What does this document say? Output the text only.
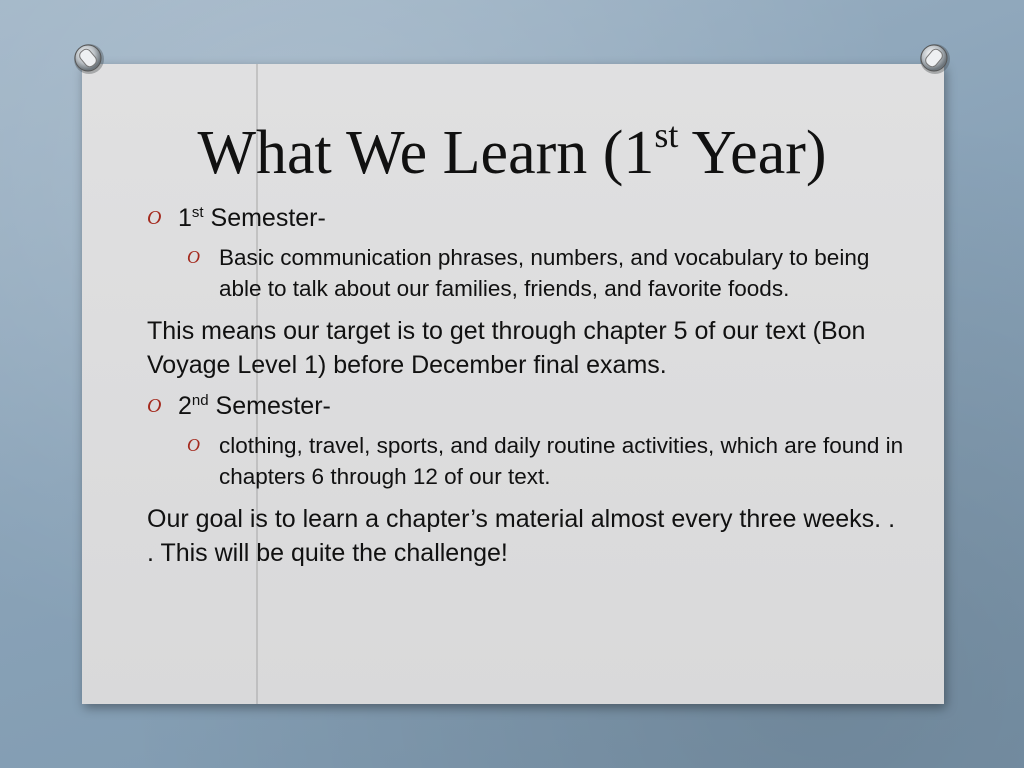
What We Learn (1st Year)
O 1st Semester-
O Basic communication phrases, numbers, and vocabulary to being able to talk about our families, friends, and favorite foods.
This means our target is to get through chapter 5 of our text (Bon Voyage Level 1) before December final exams.
O 2nd Semester-
O clothing, travel, sports, and daily routine activities, which are found in chapters 6 through 12 of our text.
Our goal is to learn a chapter’s material almost every three weeks. . . This will be quite the challenge!
